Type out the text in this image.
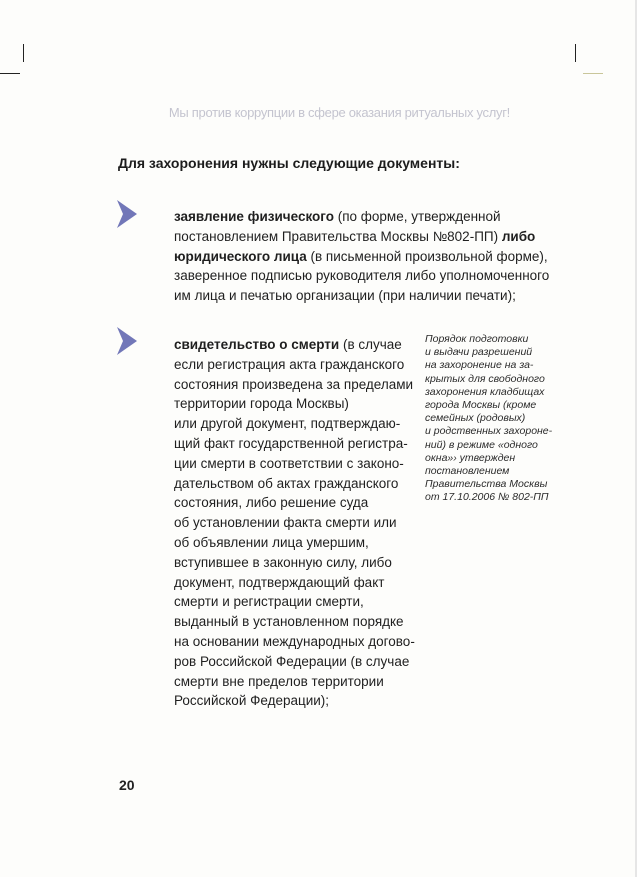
Мы против коррупции в сфере оказания ритуальных услуг!
Для захоронения нужны следующие документы:
заявление физического (по форме, утвержденной
постановлением Правительства Москвы №802-ПП) либо
юридического лица (в письменной произвольной форме),
заверенное подписью руководителя либо уполномоченного
им лица и печатью организации (при наличии печати);
свидетельство о смерти (в случае
если регистрация акта гражданского
состояния произведена за пределами
территории города Москвы)
или другой документ, подтверждаю-
щий факт государственной регистра-
ции смерти в соответствии с законо-
дательством об актах гражданского
состояния, либо решение суда
об установлении факта смерти или
об объявлении лица умершим,
вступившее в законную силу, либо
документ, подтверждающий факт
смерти и регистрации смерти,
выданный в установленном порядке
на основании международных догово-
ров Российской Федерации (в случае
смерти вне пределов территории
Российской Федерации);
Порядок подготовки
и выдачи разрешений
на захоронение на за-
крытых для свободного
захоронения кладбищах
города Москвы (кроме
семейных (родовых)
и родственных захороне-
ний) в режиме «одного
окна»› утвержден
постановлением
Правительства Москвы
от 17.10.2006 № 802-ПП
20
